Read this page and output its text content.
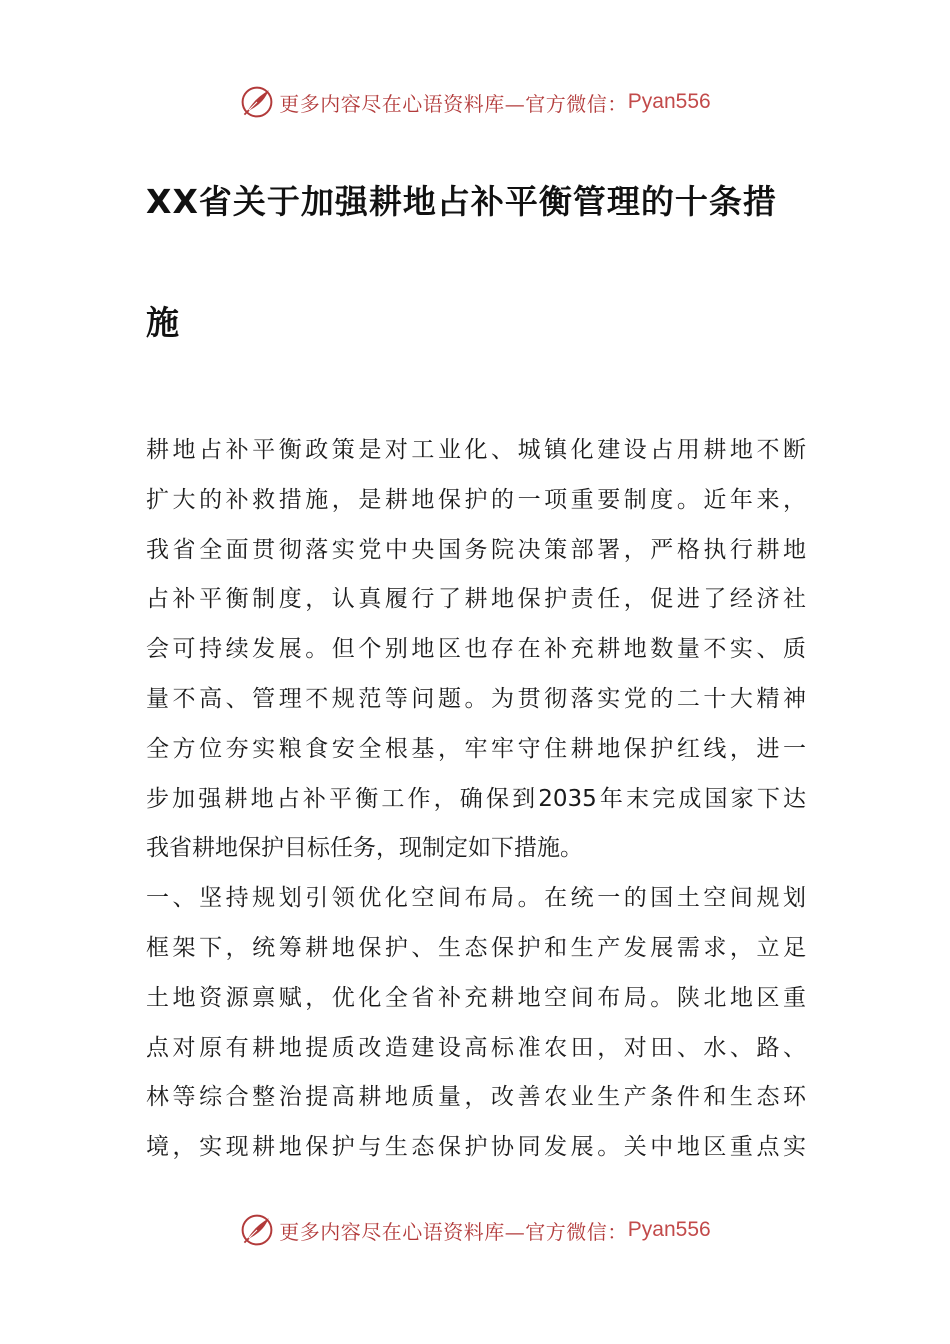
更多内容尽在心语资料库—官方微信： Pyan556
XX省关于加强耕地占补平衡管理的十条措
施
耕地占补平衡政策是对工业化、城镇化建设占用耕地不断
扩大的补救措施，是耕地保护的一项重要制度。近年来，
我省全面贯彻落实党中央国务院决策部署，严格执行耕地
占补平衡制度，认真履行了耕地保护责任，促进了经济社
会可持续发展。但个别地区也存在补充耕地数量不实、质
量不高、管理不规范等问题。为贯彻落实党的二十大精神
全方位夯实粮食安全根基，牢牢守住耕地保护红线，进一
步加强耕地占补平衡工作，确保到2035年末完成国家下达
我省耕地保护目标任务，现制定如下措施。
一、坚持规划引领优化空间布局。在统一的国土空间规划
框架下，统筹耕地保护、生态保护和生产发展需求，立足
土地资源禀赋，优化全省补充耕地空间布局。陕北地区重
点对原有耕地提质改造建设高标准农田，对田、水、路、
林等综合整治提高耕地质量，改善农业生产条件和生态环
境，实现耕地保护与生态保护协同发展。关中地区重点实
更多内容尽在心语资料库—官方微信： Pyan556
